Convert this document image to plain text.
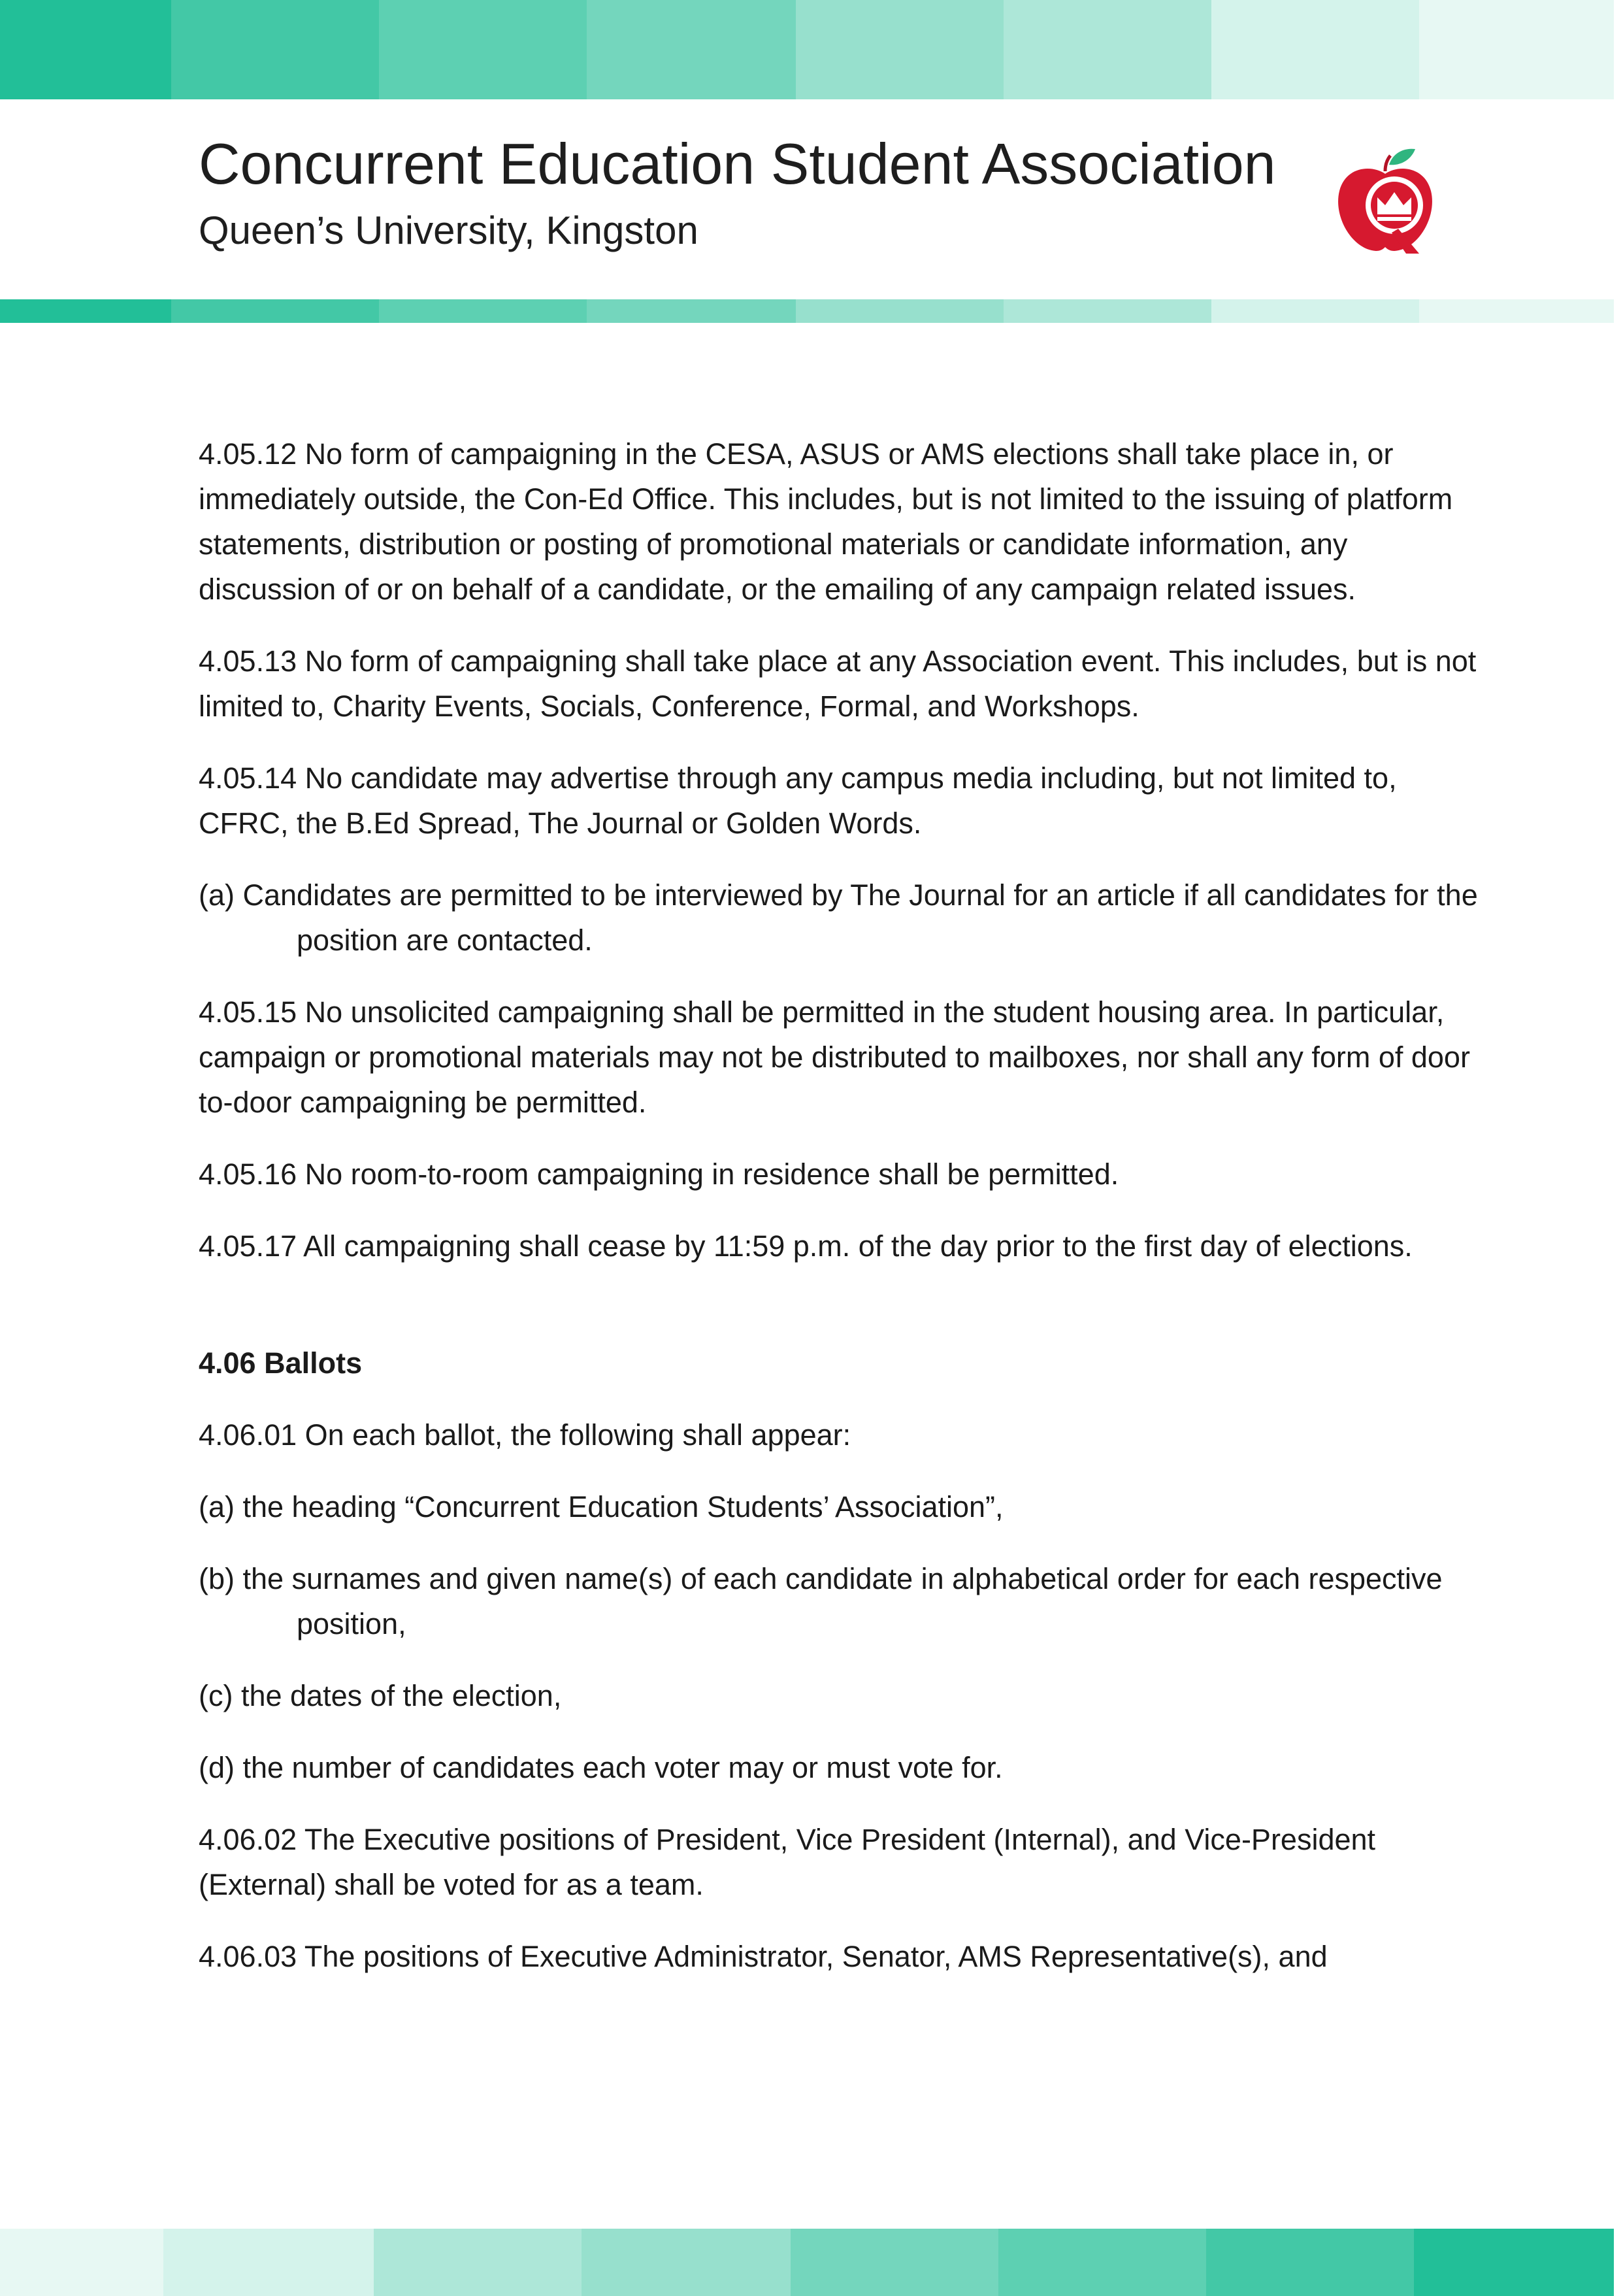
Concurrent Education Student Association

Queen’s University, Kingston

4.05.12 No form of campaigning in the CESA, ASUS or AMS elections shall take place in, or immediately outside, the Con-Ed Office. This includes, but is not limited to the issuing of platform statements, distribution or posting of promotional materials or candidate information, any discussion of or on behalf of a candidate, or the emailing of any campaign related issues.

4.05.13 No form of campaigning shall take place at any Association event. This includes, but is not limited to, Charity Events, Socials, Conference, Formal, and Workshops.

4.05.14 No candidate may advertise through any campus media including, but not limited to, CFRC, the B.Ed Spread, The Journal or Golden Words.

(a) Candidates are permitted to be interviewed by The Journal for an article if all candidates for the position are contacted.

4.05.15 No unsolicited campaigning shall be permitted in the student housing area. In particular, campaign or promotional materials may not be distributed to mailboxes, nor shall any form of door to-door campaigning be permitted.

4.05.16 No room-to-room campaigning in residence shall be permitted.

4.05.17 All campaigning shall cease by 11:59 p.m. of the day prior to the first day of elections.

4.06 Ballots

4.06.01 On each ballot, the following shall appear:

(a) the heading “Concurrent Education Students’ Association”,

(b) the surnames and given name(s) of each candidate in alphabetical order for each respective position,

(c) the dates of the election,

(d) the number of candidates each voter may or must vote for.

4.06.02 The Executive positions of President, Vice President (Internal), and Vice-President (External) shall be voted for as a team.

4.06.03 The positions of Executive Administrator, Senator, AMS Representative(s), and
